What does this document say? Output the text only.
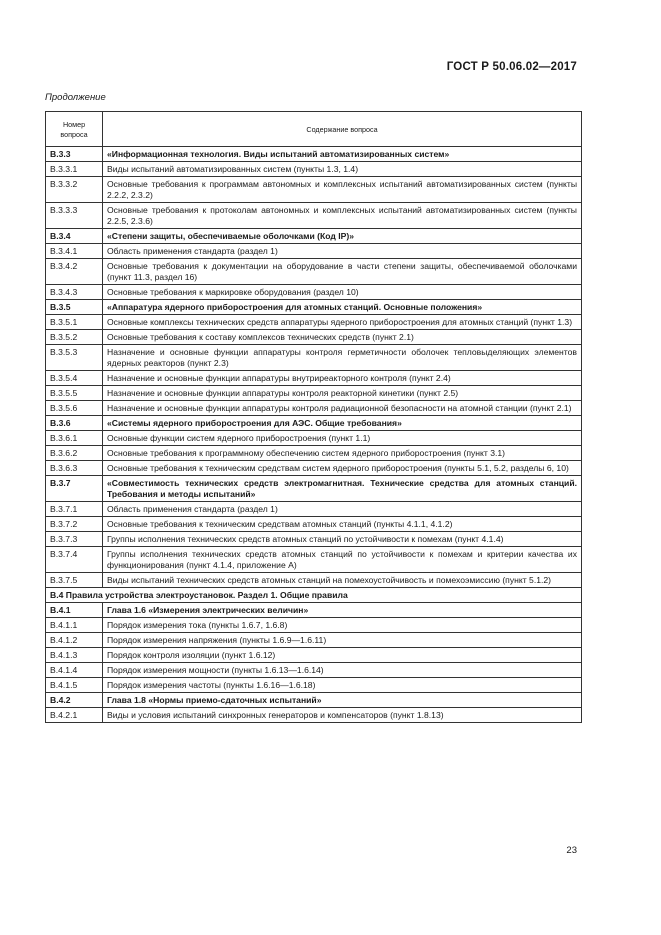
ГОСТ Р 50.06.02—2017
Продолжение
Номер вопроса	Содержание вопроса
В.3.3	«Информационная технология. Виды испытаний автоматизированных систем»
В.3.3.1	Виды испытаний автоматизированных систем (пункты 1.3, 1.4)
В.3.3.2	Основные требования к программам автономных и комплексных испытаний автоматизированных систем (пункты 2.2.2, 2.3.2)
В.3.3.3	Основные требования к протоколам автономных и комплексных испытаний автоматизированных систем (пункты 2.2.5, 2.3.6)
В.3.4	«Степени защиты, обеспечиваемые оболочками (Код IP)»
В.3.4.1	Область применения стандарта (раздел 1)
В.3.4.2	Основные требования к документации на оборудование в части степени защиты, обеспечиваемой оболочками (пункт 11.3, раздел 16)
В.3.4.3	Основные требования к маркировке оборудования (раздел 10)
В.3.5	«Аппаратура ядерного приборостроения для атомных станций. Основные положения»
В.3.5.1	Основные комплексы технических средств аппаратуры ядерного приборостроения для атомных станций (пункт 1.3)
В.3.5.2	Основные требования к составу комплексов технических средств (пункт 2.1)
В.3.5.3	Назначение и основные функции аппаратуры контроля герметичности оболочек тепловыделяющих элементов ядерных реакторов (пункт 2.3)
В.3.5.4	Назначение и основные функции аппаратуры внутриреакторного контроля (пункт 2.4)
В.3.5.5	Назначение и основные функции аппаратуры контроля реакторной кинетики (пункт 2.5)
В.3.5.6	Назначение и основные функции аппаратуры контроля радиационной безопасности на атомной станции (пункт 2.1)
В.3.6	«Системы ядерного приборостроения для АЭС. Общие требования»
В.3.6.1	Основные функции систем ядерного приборостроения (пункт 1.1)
В.3.6.2	Основные требования к программному обеспечению систем ядерного приборостроения (пункт 3.1)
В.3.6.3	Основные требования к техническим средствам систем ядерного приборостроения (пункты 5.1, 5.2, разделы 6, 10)
В.3.7	«Совместимость технических средств электромагнитная. Технические средства для атомных станций. Требования и методы испытаний»
В.3.7.1	Область применения стандарта (раздел 1)
В.3.7.2	Основные требования к техническим средствам атомных станций (пункты 4.1.1, 4.1.2)
В.3.7.3	Группы исполнения технических средств атомных станций по устойчивости к помехам (пункт 4.1.4)
В.3.7.4	Группы исполнения технических средств атомных станций по устойчивости к помехам и критерии качества их функционирования (пункт 4.1.4, приложение А)
В.3.7.5	Виды испытаний технических средств атомных станций на помехоустойчивость и помехоэмиссию (пункт 5.1.2)
В.4 Правила устройства электроустановок. Раздел 1. Общие правила	
В.4.1	Глава 1.6 «Измерения электрических величин»
В.4.1.1	Порядок измерения тока (пункты 1.6.7, 1.6.8)
В.4.1.2	Порядок измерения напряжения (пункты 1.6.9—1.6.11)
В.4.1.3	Порядок контроля изоляции (пункт 1.6.12)
В.4.1.4	Порядок измерения мощности (пункты 1.6.13—1.6.14)
В.4.1.5	Порядок измерения частоты (пункты 1.6.16—1.6.18)
В.4.2	Глава 1.8 «Нормы приемо-сдаточных испытаний»
В.4.2.1	Виды и условия испытаний синхронных генераторов и компенсаторов (пункт 1.8.13)
23
